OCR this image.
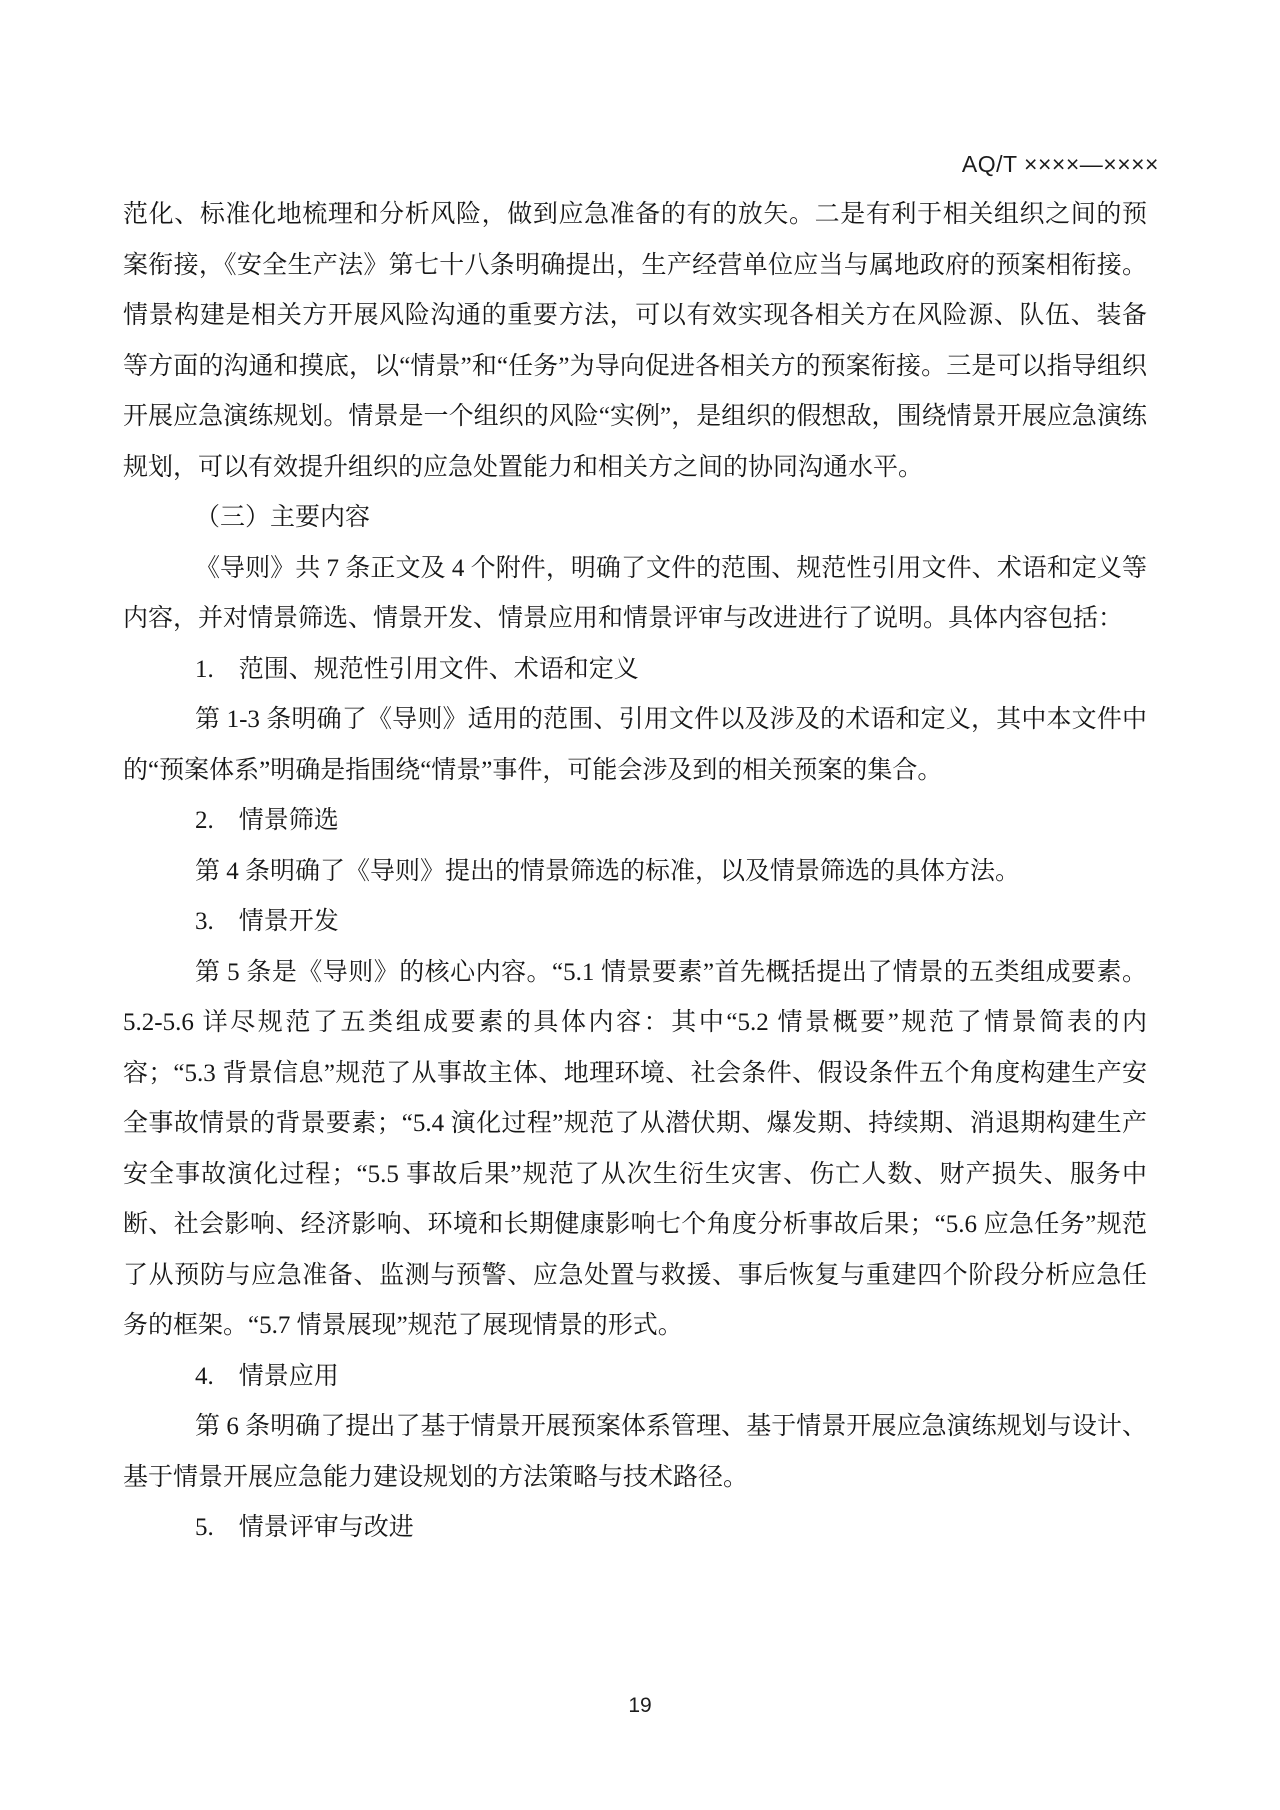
AQ/T ××××—××××

范化、标准化地梳理和分析风险，做到应急准备的有的放矢。二是有利于相关组织之间的预案衔接，《安全生产法》第七十八条明确提出，生产经营单位应当与属地政府的预案相衔接。情景构建是相关方开展风险沟通的重要方法，可以有效实现各相关方在风险源、队伍、装备等方面的沟通和摸底，以“情景”和“任务”为导向促进各相关方的预案衔接。三是可以指导组织开展应急演练规划。情景是一个组织的风险“实例”，是组织的假想敌，围绕情景开展应急演练规划，可以有效提升组织的应急处置能力和相关方之间的协同沟通水平。

（三）主要内容

《导则》共 7 条正文及 4 个附件，明确了文件的范围、规范性引用文件、术语和定义等内容，并对情景筛选、情景开发、情景应用和情景评审与改进进行了说明。具体内容包括：

1.　范围、规范性引用文件、术语和定义

第 1-3 条明确了《导则》适用的范围、引用文件以及涉及的术语和定义，其中本文件中的“预案体系”明确是指围绕“情景”事件，可能会涉及到的相关预案的集合。

2.　情景筛选

第 4 条明确了《导则》提出的情景筛选的标准，以及情景筛选的具体方法。

3.　情景开发

第 5 条是《导则》的核心内容。“5.1 情景要素”首先概括提出了情景的五类组成要素。5.2-5.6 详尽规范了五类组成要素的具体内容：其中“5.2 情景概要”规范了情景简表的内容；“5.3 背景信息”规范了从事故主体、地理环境、社会条件、假设条件五个角度构建生产安全事故情景的背景要素；“5.4 演化过程”规范了从潜伏期、爆发期、持续期、消退期构建生产安全事故演化过程；“5.5 事故后果”规范了从次生衍生灾害、伤亡人数、财产损失、服务中断、社会影响、经济影响、环境和长期健康影响七个角度分析事故后果；“5.6 应急任务”规范了从预防与应急准备、监测与预警、应急处置与救援、事后恢复与重建四个阶段分析应急任务的框架。“5.7 情景展现”规范了展现情景的形式。

4.　情景应用

第 6 条明确了提出了基于情景开展预案体系管理、基于情景开展应急演练规划与设计、基于情景开展应急能力建设规划的方法策略与技术路径。

5.　情景评审与改进

19
